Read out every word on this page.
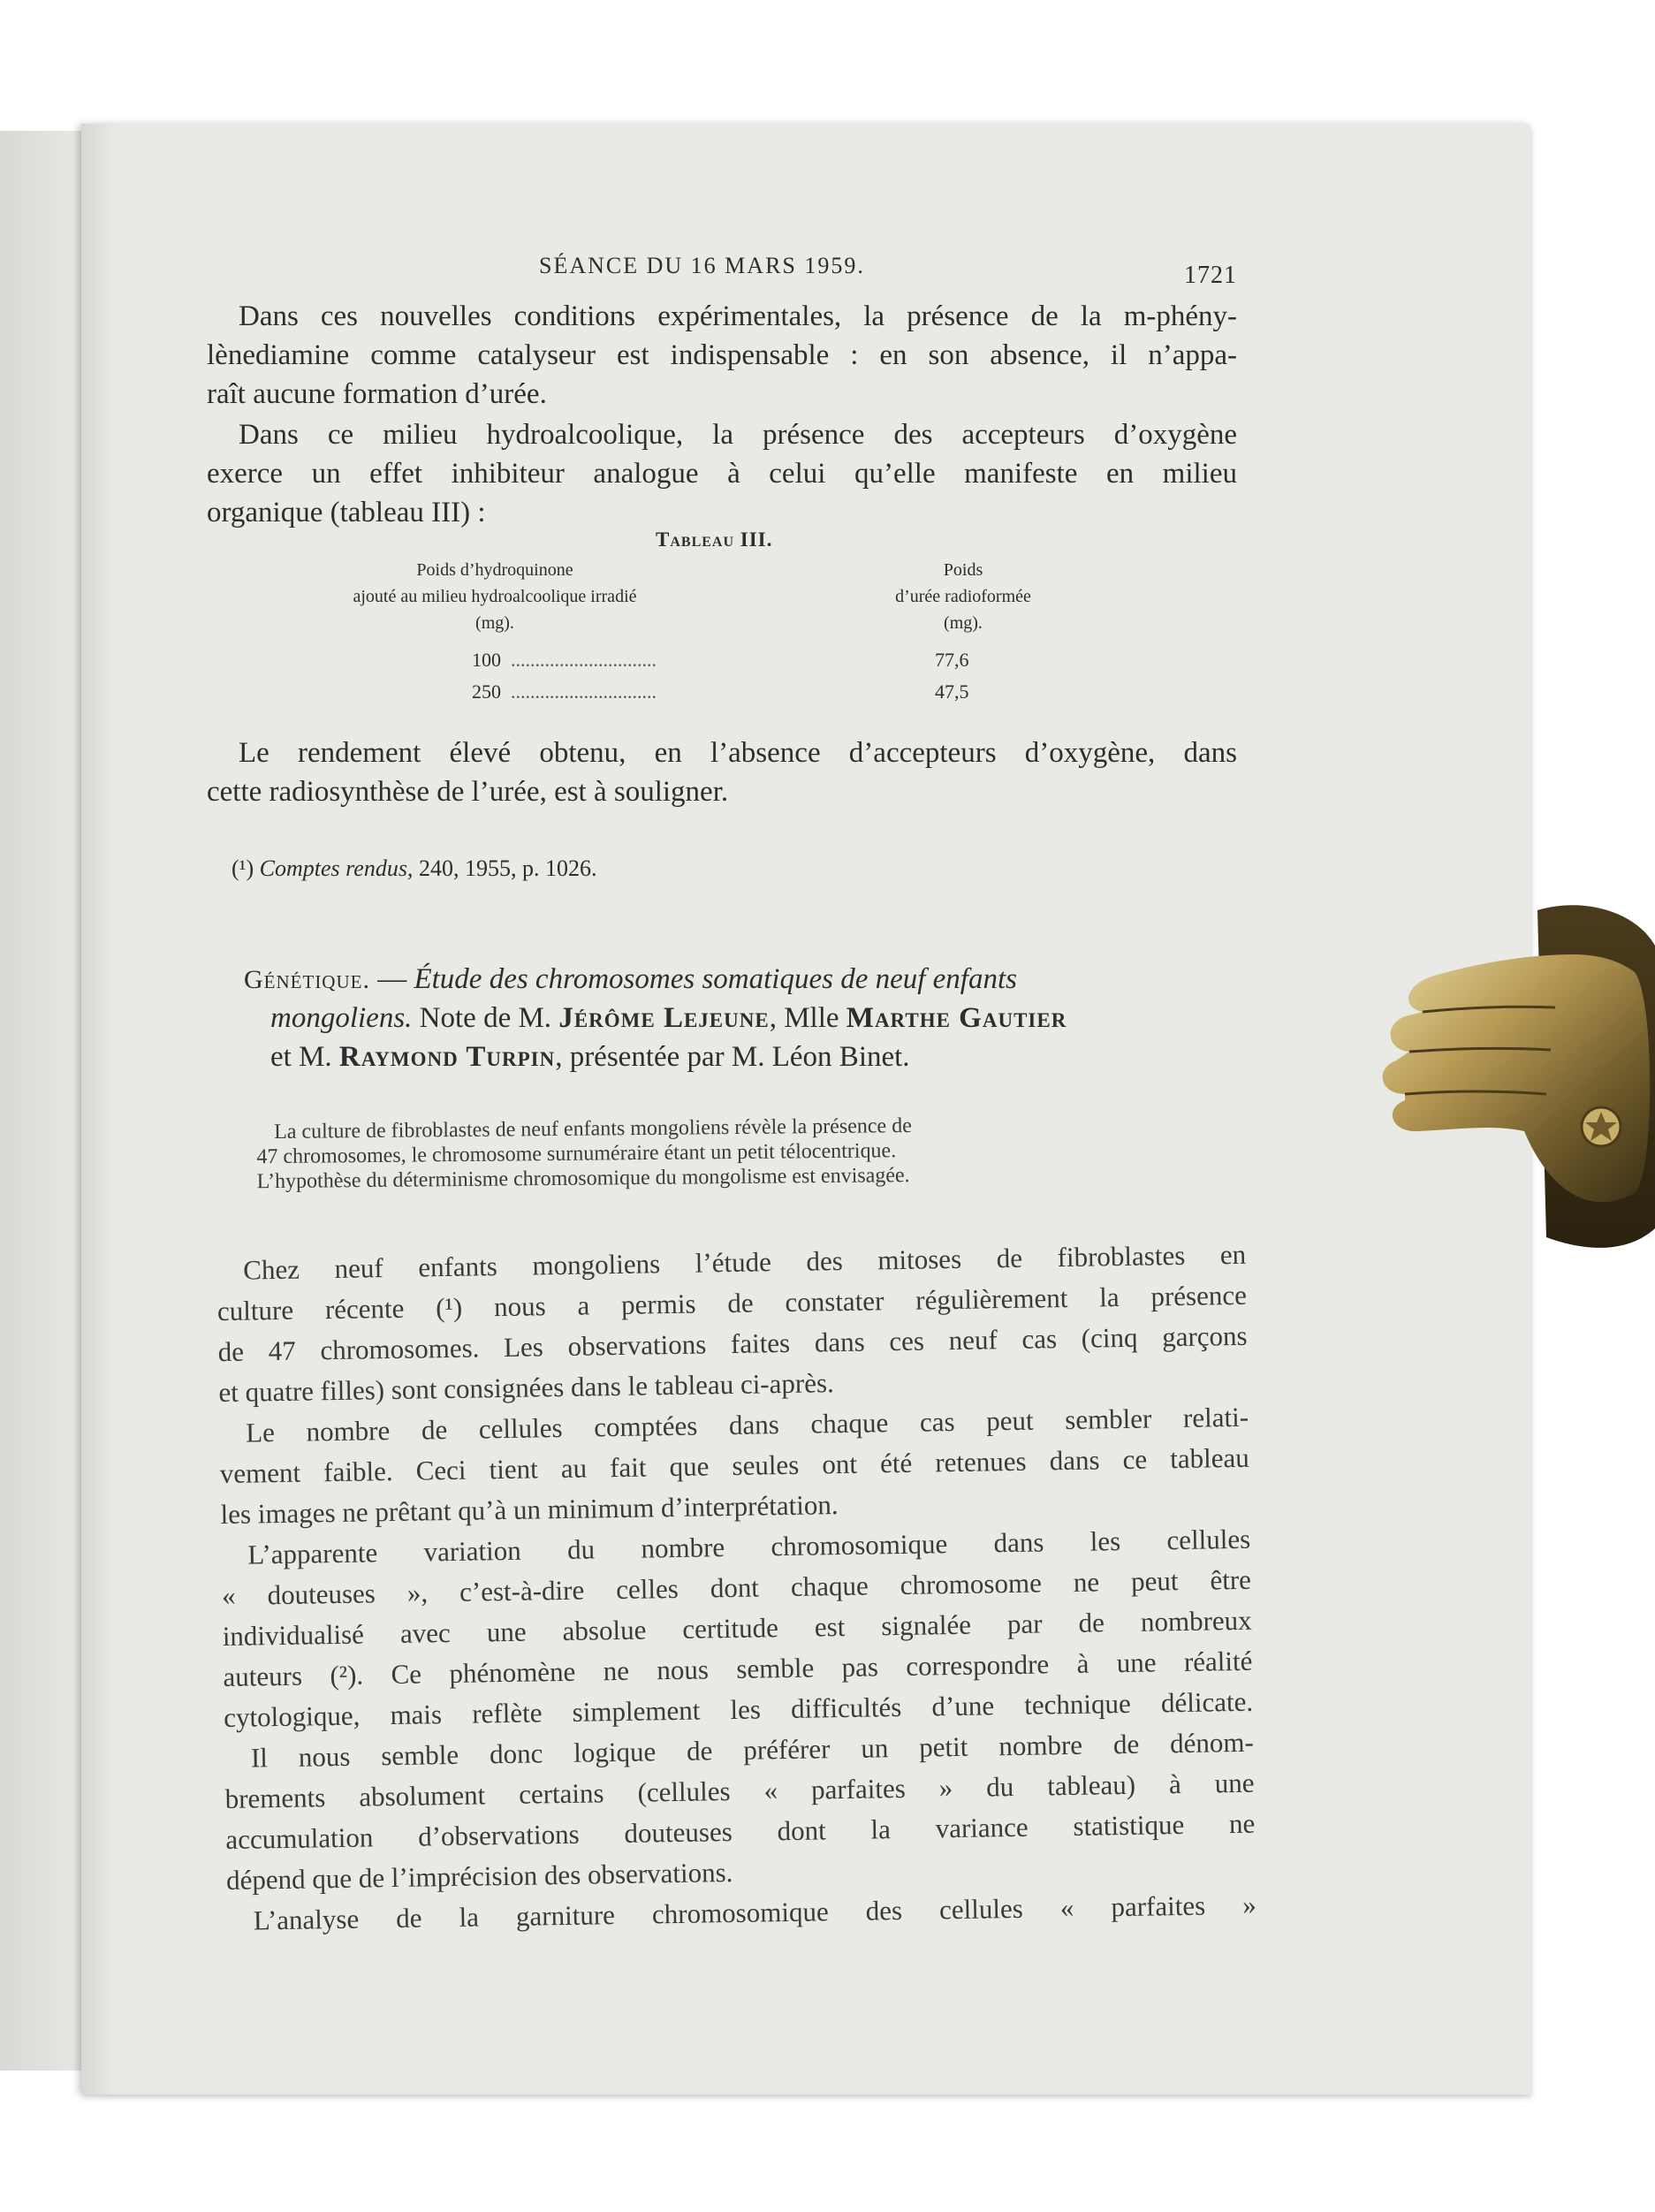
SÉANCE DU 16 MARS 1959.	1721
Dans ces nouvelles conditions expérimentales, la présence de la m-phény-
lènediamine comme catalyseur est indispensable : en son absence, il n’appa-
raît aucune formation d’urée.
Dans ce milieu hydroalcoolique, la présence des accepteurs d’oxygène
exerce un effet inhibiteur analogue à celui qu’elle manifeste en milieu
organique (tableau III) :
Tableau III.
Poids d’hydroquinone
ajouté au milieu hydroalcoolique irradié
(mg).
Poids
d’urée radioformée
(mg).
100 ..............................	77,6
250 ..............................	47,5
Le rendement élevé obtenu, en l’absence d’accepteurs d’oxygène, dans
cette radiosynthèse de l’urée, est à souligner.
(¹) Comptes rendus, 240, 1955, p. 1026.
Génétique. — Étude des chromosomes somatiques de neuf enfants
mongoliens. Note de M. Jérôme Lejeune, Mlle Marthe Gautier
et M. Raymond Turpin, présentée par M. Léon Binet.
La culture de fibroblastes de neuf enfants mongoliens révèle la présence de
47 chromosomes, le chromosome surnuméraire étant un petit télocentrique.
L’hypothèse du déterminisme chromosomique du mongolisme est envisagée.
Chez neuf enfants mongoliens l’étude des mitoses de fibroblastes en
culture récente (¹) nous a permis de constater régulièrement la présence
de 47 chromosomes. Les observations faites dans ces neuf cas (cinq garçons
et quatre filles) sont consignées dans le tableau ci-après.
Le nombre de cellules comptées dans chaque cas peut sembler relati-
vement faible. Ceci tient au fait que seules ont été retenues dans ce tableau
les images ne prêtant qu’à un minimum d’interprétation.
L’apparente variation du nombre chromosomique dans les cellules
« douteuses », c’est-à-dire celles dont chaque chromosome ne peut être
individualisé avec une absolue certitude est signalée par de nombreux
auteurs (²). Ce phénomène ne nous semble pas correspondre à une réalité
cytologique, mais reflète simplement les difficultés d’une technique délicate.
Il nous semble donc logique de préférer un petit nombre de dénom-
brements absolument certains (cellules « parfaites » du tableau) à une
accumulation d’observations douteuses dont la variance statistique ne
dépend que de l’imprécision des observations.
L’analyse de la garniture chromosomique des cellules « parfaites »
